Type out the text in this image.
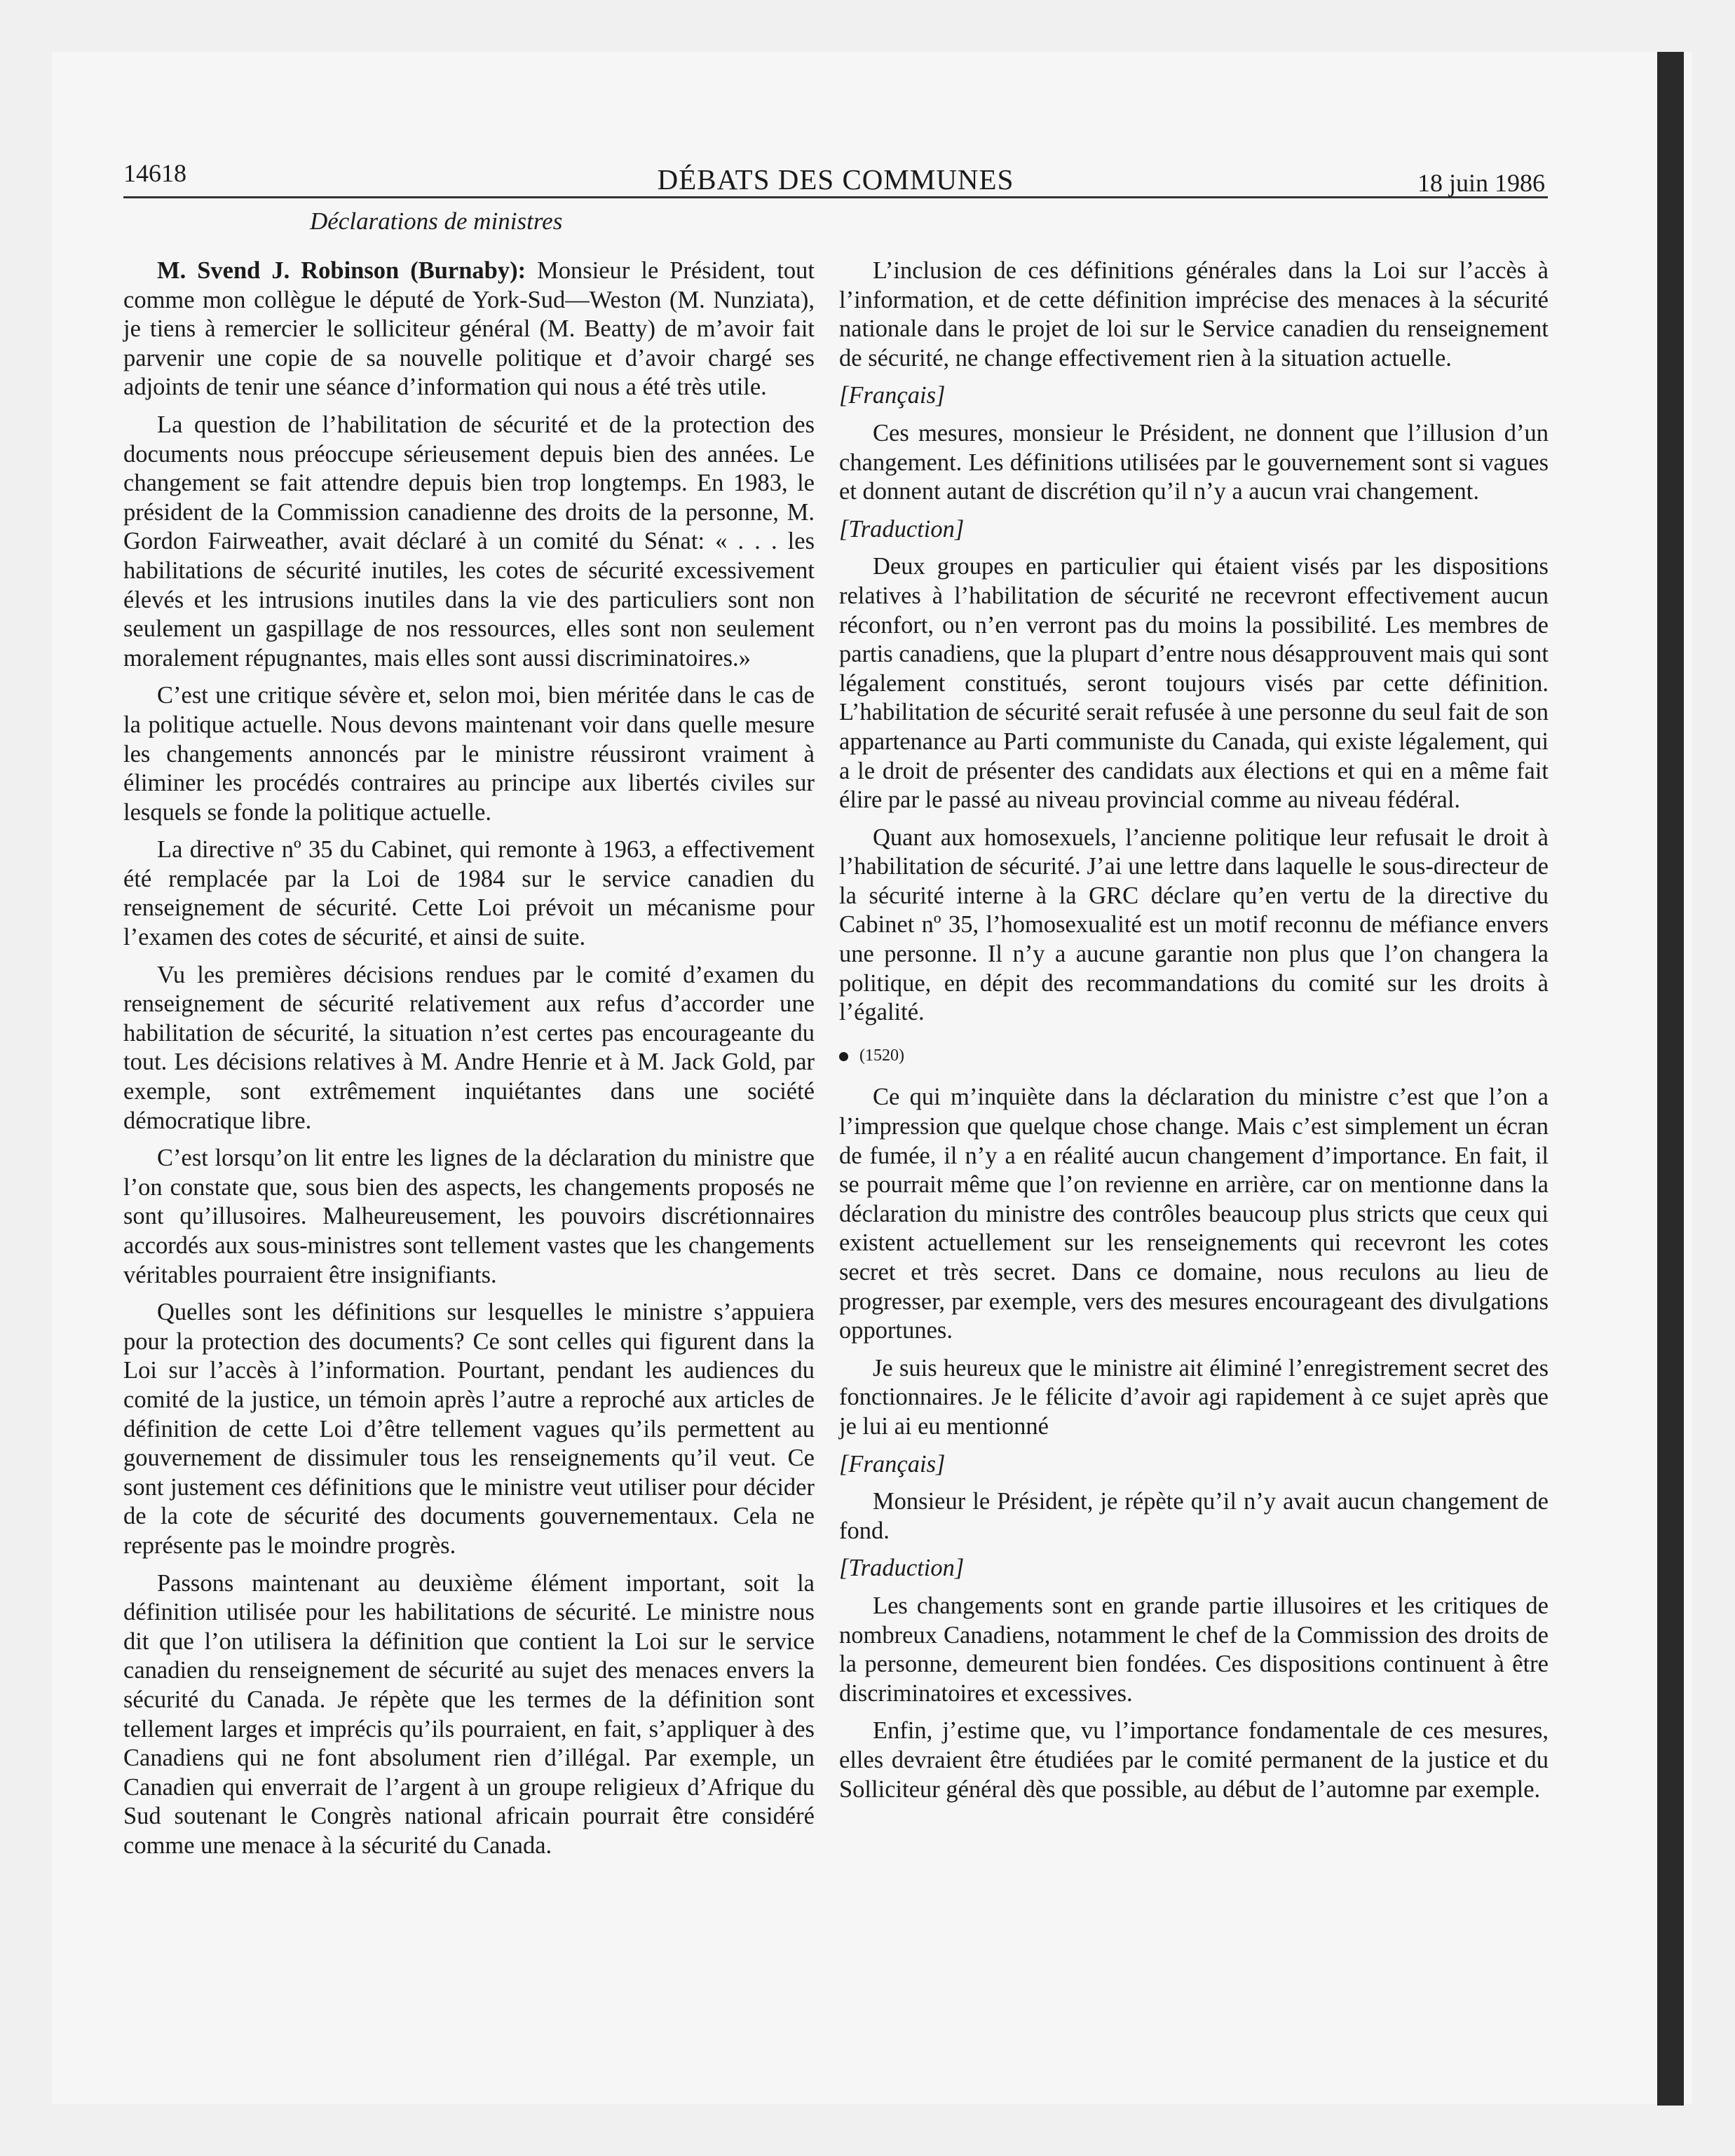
14618	DÉBATS DES COMMUNES	18 juin 1986
Déclarations de ministres

M. Svend J. Robinson (Burnaby): Monsieur le Président, tout comme mon collègue le député de York-Sud—Weston (M. Nunziata), je tiens à remercier le solliciteur général (M. Beatty) de m’avoir fait parvenir une copie de sa nouvelle politique et d’avoir chargé ses adjoints de tenir une séance d’information qui nous a été très utile.

La question de l’habilitation de sécurité et de la protection des documents nous préoccupe sérieusement depuis bien des années. Le changement se fait attendre depuis bien trop longtemps. En 1983, le président de la Commission canadienne des droits de la personne, M. Gordon Fairweather, avait déclaré à un comité du Sénat: « . . . les habilitations de sécurité inutiles, les cotes de sécurité excessivement élevés et les intrusions inutiles dans la vie des particuliers sont non seulement un gaspillage de nos ressources, elles sont non seulement moralement répugnantes, mais elles sont aussi discriminatoires.»

C’est une critique sévère et, selon moi, bien méritée dans le cas de la politique actuelle. Nous devons maintenant voir dans quelle mesure les changements annoncés par le ministre réussiront vraiment à éliminer les procédés contraires au principe aux libertés civiles sur lesquels se fonde la politique actuelle.

La directive nº 35 du Cabinet, qui remonte à 1963, a effectivement été remplacée par la Loi de 1984 sur le service canadien du renseignement de sécurité. Cette Loi prévoit un mécanisme pour l’examen des cotes de sécurité, et ainsi de suite.

Vu les premières décisions rendues par le comité d’examen du renseignement de sécurité relativement aux refus d’accorder une habilitation de sécurité, la situation n’est certes pas encourageante du tout. Les décisions relatives à M. Andre Henrie et à M. Jack Gold, par exemple, sont extrêmement inquiétantes dans une société démocratique libre.

C’est lorsqu’on lit entre les lignes de la déclaration du ministre que l’on constate que, sous bien des aspects, les changements proposés ne sont qu’illusoires. Malheureusement, les pouvoirs discrétionnaires accordés aux sous-ministres sont tellement vastes que les changements véritables pourraient être insignifiants.

Quelles sont les définitions sur lesquelles le ministre s’appuiera pour la protection des documents? Ce sont celles qui figurent dans la Loi sur l’accès à l’information. Pourtant, pendant les audiences du comité de la justice, un témoin après l’autre a reproché aux articles de définition de cette Loi d’être tellement vagues qu’ils permettent au gouvernement de dissimuler tous les renseignements qu’il veut. Ce sont justement ces définitions que le ministre veut utiliser pour décider de la cote de sécurité des documents gouvernementaux. Cela ne représente pas le moindre progrès.

Passons maintenant au deuxième élément important, soit la définition utilisée pour les habilitations de sécurité. Le ministre nous dit que l’on utilisera la définition que contient la Loi sur le service canadien du renseignement de sécurité au sujet des menaces envers la sécurité du Canada. Je répète que les termes de la définition sont tellement larges et imprécis qu’ils pourraient, en fait, s’appliquer à des Canadiens qui ne font absolument rien d’illégal. Par exemple, un Canadien qui enverrait de l’argent à un groupe religieux d’Afrique du Sud soutenant le Congrès national africain pourrait être considéré comme une menace à la sécurité du Canada.

L’inclusion de ces définitions générales dans la Loi sur l’accès à l’information, et de cette définition imprécise des menaces à la sécurité nationale dans le projet de loi sur le Service canadien du renseignement de sécurité, ne change effectivement rien à la situation actuelle.

[Français]

Ces mesures, monsieur le Président, ne donnent que l’illusion d’un changement. Les définitions utilisées par le gouvernement sont si vagues et donnent autant de discrétion qu’il n’y a aucun vrai changement.

[Traduction]

Deux groupes en particulier qui étaient visés par les dispositions relatives à l’habilitation de sécurité ne recevront effectivement aucun réconfort, ou n’en verront pas du moins la possibilité. Les membres de partis canadiens, que la plupart d’entre nous désapprouvent mais qui sont légalement constitués, seront toujours visés par cette définition. L’habilitation de sécurité serait refusée à une personne du seul fait de son appartenance au Parti communiste du Canada, qui existe légalement, qui a le droit de présenter des candidats aux élections et qui en a même fait élire par le passé au niveau provincial comme au niveau fédéral.

Quant aux homosexuels, l’ancienne politique leur refusait le droit à l’habilitation de sécurité. J’ai une lettre dans laquelle le sous-directeur de la sécurité interne à la GRC déclare qu’en vertu de la directive du Cabinet nº 35, l’homosexualité est un motif reconnu de méfiance envers une personne. Il n’y a aucune garantie non plus que l’on changera la politique, en dépit des recommandations du comité sur les droits à l’égalité.

(1520)

Ce qui m’inquiète dans la déclaration du ministre c’est que l’on a l’impression que quelque chose change. Mais c’est simplement un écran de fumée, il n’y a en réalité aucun changement d’importance. En fait, il se pourrait même que l’on revienne en arrière, car on mentionne dans la déclaration du ministre des contrôles beaucoup plus stricts que ceux qui existent actuellement sur les renseignements qui recevront les cotes secret et très secret. Dans ce domaine, nous reculons au lieu de progresser, par exemple, vers des mesures encourageant des divulgations opportunes.

Je suis heureux que le ministre ait éliminé l’enregistrement secret des fonctionnaires. Je le félicite d’avoir agi rapidement à ce sujet après que je lui ai eu mentionné

[Français]

Monsieur le Président, je répète qu’il n’y avait aucun changement de fond.

[Traduction]

Les changements sont en grande partie illusoires et les critiques de nombreux Canadiens, notamment le chef de la Commission des droits de la personne, demeurent bien fondées. Ces dispositions continuent à être discriminatoires et excessives.

Enfin, j’estime que, vu l’importance fondamentale de ces mesures, elles devraient être étudiées par le comité permanent de la justice et du Solliciteur général dès que possible, au début de l’automne par exemple.
